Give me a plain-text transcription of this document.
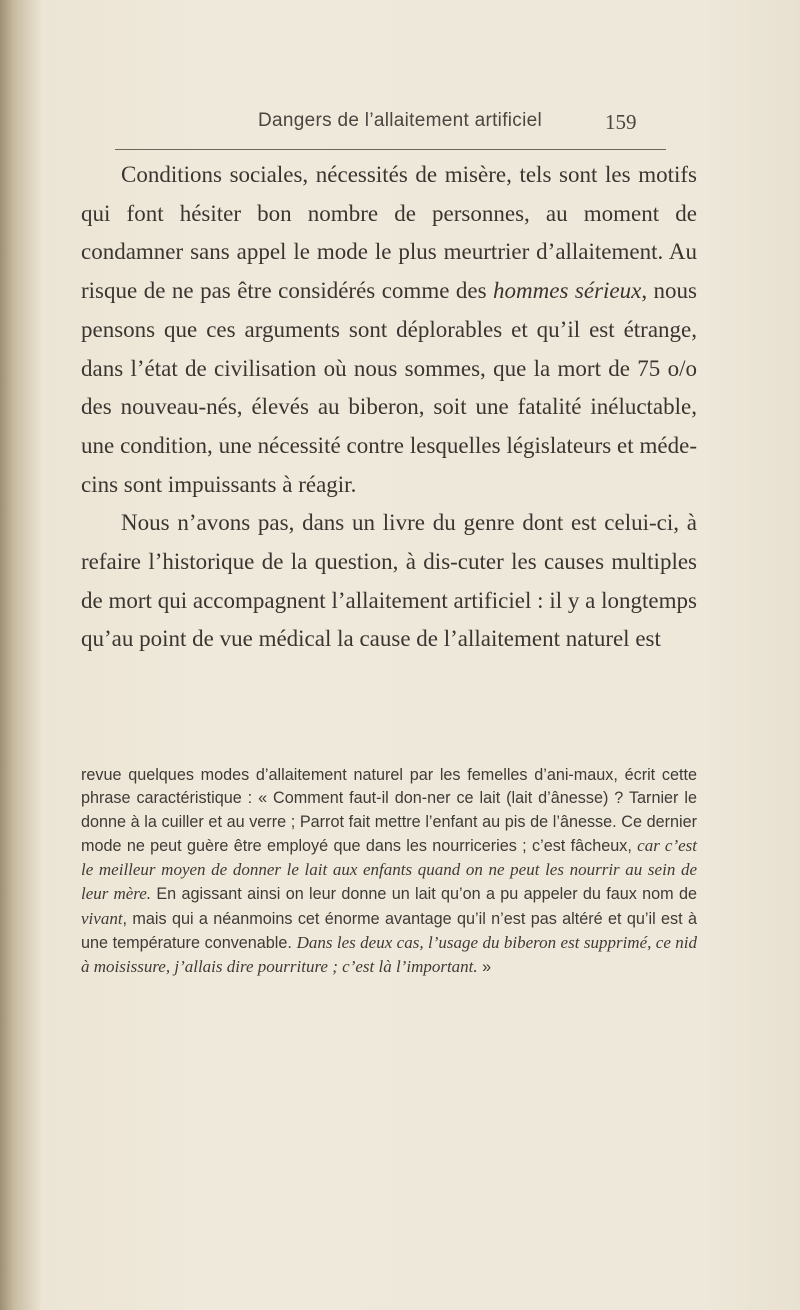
Dangers de l’allaitement artificiel	159

Conditions sociales, nécessités de misère, tels sont les motifs qui font hésiter bon nombre de personnes, au moment de condamner sans appel le mode le plus meurtrier d’allaitement. Au risque de ne pas être considérés comme des hommes sérieux, nous pensons que ces arguments sont déplorables et qu’il est étrange, dans l’état de civilisation où nous sommes, que la mort de 75 o/o des nouveau-nés, élevés au biberon, soit une fatalité inéluctable, une condition, une nécessité contre lesquelles législateurs et méde-cins sont impuissants à réagir.

Nous n’avons pas, dans un livre du genre dont est celui-ci, à refaire l’historique de la question, à dis-cuter les causes multiples de mort qui accompagnent l’allaitement artificiel : il y a longtemps qu’au point de vue médical la cause de l’allaitement naturel est

revue quelques modes d’allaitement naturel par les femelles d’ani-maux, écrit cette phrase caractéristique : « Comment faut-il don-ner ce lait (lait d’ânesse) ? Tarnier le donne à la cuiller et au verre ; Parrot fait mettre l’enfant au pis de l’ânesse. Ce dernier mode ne peut guère être employé que dans les nourriceries ; c’est fâcheux, car c’est le meilleur moyen de donner le lait aux enfants quand on ne peut les nourrir au sein de leur mère. En agissant ainsi on leur donne un lait qu’on a pu appeler du faux nom de vivant, mais qui a néanmoins cet énorme avantage qu’il n’est pas altéré et qu’il est à une température convenable. Dans les deux cas, l’usage du biberon est supprimé, ce nid à moisissure, j’allais dire pourriture ; c’est là l’important. »
